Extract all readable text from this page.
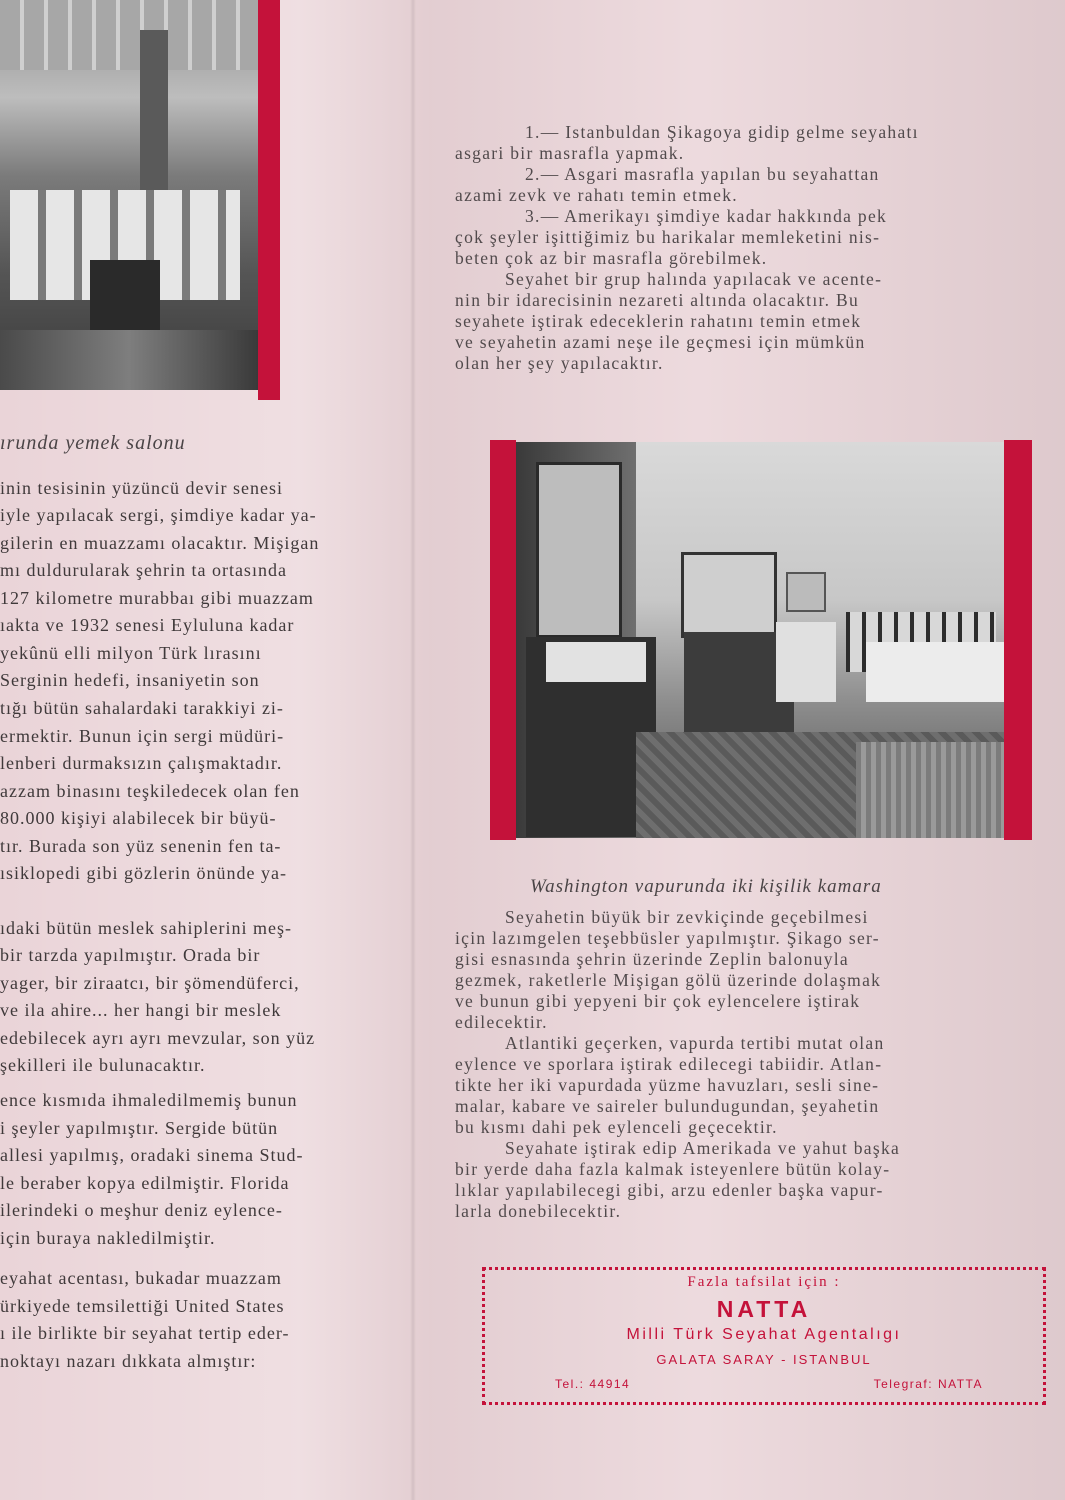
ırunda yemek salonu
inin tesisinin yüzüncü devir senesi
iyle yapılacak sergi, şimdiye kadar ya-
gilerin en muazzamı olacaktır. Mişigan
mı duldurularak şehrin ta ortasında
127 kilometre murabbaı gibi muazzam
ıakta ve 1932 senesi Eyluluna kadar
yekûnü elli milyon Türk lırasını
Serginin hedefi, insaniyetin son
tığı bütün sahalardaki tarakkiyi zi-
ermektir. Bunun için sergi müdüri-
lenberi durmaksızın çalışmaktadır.
azzam binasını teşkiledecek olan fen
80.000 kişiyi alabilecek bir büyü-
tır. Burada son yüz senenin fen ta-
ısiklopedi gibi gözlerin önünde ya-
ıdaki bütün meslek sahiplerini meş-
bir tarzda yapılmıştır. Orada bir
yager, bir ziraatcı, bir şömendüferci,
ve ila ahire... her hangi bir meslek
edebilecek ayrı ayrı mevzular, son yüz
şekilleri ile bulunacaktır.
ence kısmıda ihmaledilmemiş bunun
i şeyler yapılmıştır. Sergide bütün
allesi yapılmış, oradaki sinema Stud-
le beraber kopya edilmiştir. Florida
ilerindeki o meşhur deniz eylence-
için buraya nakledilmiştir.
eyahat acentası, bukadar muazzam
ürkiyede temsilettiği United States
ı ile birlikte bir seyahat tertip eder-
noktayı nazarı dıkkata almıştır:
1.— Istanbuldan Şikagoya gidip gelme seyahatı
asgari bir masrafla yapmak.
2.— Asgari masrafla yapılan bu seyahattan
azami zevk ve rahatı temin etmek.
3.— Amerikayı şimdiye kadar hakkında pek
çok şeyler işittiğimiz bu harikalar memleketini nis-
beten çok az bir masrafla görebilmek.
Seyahet bir grup halında yapılacak ve acente-
nin bir idarecisinin nezareti altında olacaktır. Bu
seyahete iştirak edeceklerin rahatını temin etmek
ve seyahetin azami neşe ile geçmesi için mümkün
olan her şey yapılacaktır.
Washington vapurunda iki kişilik kamara
Seyahetin büyük bir zevkiçinde geçebilmesi
için lazımgelen teşebbüsler yapılmıştır. Şikago ser-
gisi esnasında şehrin üzerinde Zeplin balonuyla
gezmek, raketlerle Mişigan gölü üzerinde dolaşmak
ve bunun gibi yepyeni bir çok eylencelere iştirak
edilecektir.
Atlantiki geçerken, vapurda tertibi mutat olan
eylence ve sporlara iştirak edilecegi tabiidir. Atlan-
tikte her iki vapurdada yüzme havuzları, sesli sine-
malar, kabare ve saireler bulundugundan, şeyahetin
bu kısmı dahi pek eylenceli geçecektir.
Seyahate iştirak edip Amerikada ve yahut başka
bir yerde daha fazla kalmak isteyenlere bütün kolay-
lıklar yapılabilecegi gibi, arzu edenler başka vapur-
larla donebilecektir.
Fazla tafsilat için :
NATTA
Milli Türk Seyahat Agentalıgı
GALATA SARAY - ISTANBUL
Tel.: 44914	Telegraf: NATTA
